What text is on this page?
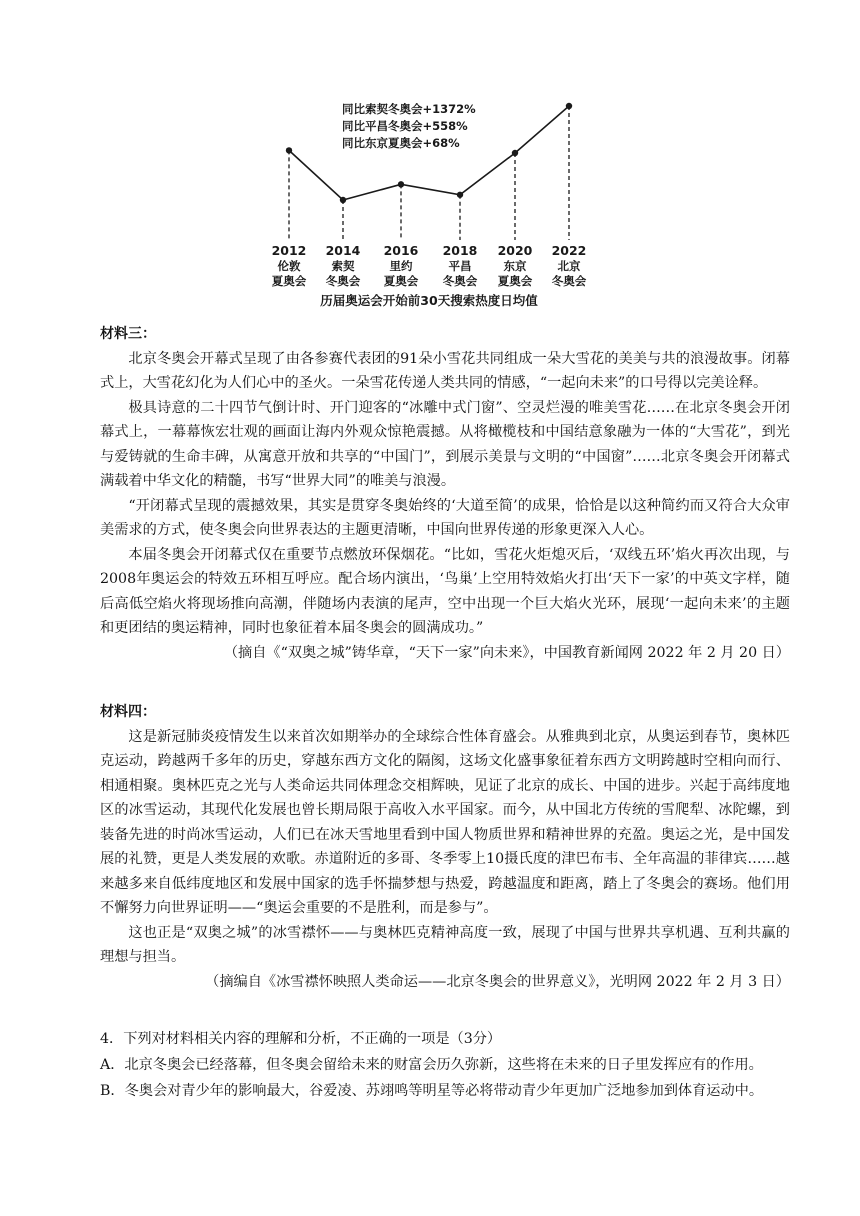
同比索契冬奥会+1372%
同比平昌冬奥会+558%
同比东京夏奥会+68%
2012
伦敦
夏奥会
2014
索契
冬奥会
2016
里约
夏奥会
2018
平昌
冬奥会
2020
东京
夏奥会
2022
北京
冬奥会
历届奥运会开始前30天搜索热度日均值

材料三：

北京冬奥会开幕式呈现了由各参赛代表团的91朵小雪花共同组成一朵大雪花的美美与共的浪漫故事。闭幕式上，大雪花幻化为人们心中的圣火。一朵雪花传递人类共同的情感，“一起向未来”的口号得以完美诠释。

极具诗意的二十四节气倒计时、开门迎客的“冰雕中式门窗”、空灵烂漫的唯美雪花……在北京冬奥会开闭幕式上，一幕幕恢宏壮观的画面让海内外观众惊艳震撼。从将橄榄枝和中国结意象融为一体的“大雪花”，到光与爱铸就的生命丰碑，从寓意开放和共享的“中国门”，到展示美景与文明的“中国窗”……北京冬奥会开闭幕式满载着中华文化的精髓，书写“世界大同”的唯美与浪漫。

“开闭幕式呈现的震撼效果，其实是贯穿冬奥始终的‘大道至简’的成果，恰恰是以这种简约而又符合大众审美需求的方式，使冬奥会向世界表达的主题更清晰，中国向世界传递的形象更深入人心。

本届冬奥会开闭幕式仅在重要节点燃放环保烟花。“比如，雪花火炬熄灭后，‘双线五环’焰火再次出现，与2008年奥运会的特效五环相互呼应。配合场内演出，‘鸟巢’上空用特效焰火打出‘天下一家’的中英文字样，随后高低空焰火将现场推向高潮，伴随场内表演的尾声，空中出现一个巨大焰火光环，展现‘一起向未来’的主题和更团结的奥运精神，同时也象征着本届冬奥会的圆满成功。”

（摘自《“双奥之城”铸华章，“天下一家”向未来》，中国教育新闻网 2022 年 2 月 20 日）

材料四：

这是新冠肺炎疫情发生以来首次如期举办的全球综合性体育盛会。从雅典到北京，从奥运到春节，奥林匹克运动，跨越两千多年的历史，穿越东西方文化的隔阂，这场文化盛事象征着东西方文明跨越时空相向而行、相通相聚。奥林匹克之光与人类命运共同体理念交相辉映，见证了北京的成长、中国的进步。兴起于高纬度地区的冰雪运动，其现代化发展也曾长期局限于高收入水平国家。而今，从中国北方传统的雪爬犁、冰陀螺，到装备先进的时尚冰雪运动，人们已在冰天雪地里看到中国人物质世界和精神世界的充盈。奥运之光，是中国发展的礼赞，更是人类发展的欢歌。赤道附近的多哥、冬季零上10摄氏度的津巴布韦、全年高温的菲律宾……越来越多来自低纬度地区和发展中国家的选手怀揣梦想与热爱，跨越温度和距离，踏上了冬奥会的赛场。他们用不懈努力向世界证明——“奥运会重要的不是胜利，而是参与”。

这也正是“双奥之城”的冰雪襟怀——与奥林匹克精神高度一致，展现了中国与世界共享机遇、互利共赢的理想与担当。

（摘编自《冰雪襟怀映照人类命运——北京冬奥会的世界意义》，光明网 2022 年 2 月 3 日）

4．下列对材料相关内容的理解和分析，不正确的一项是（3分）

A．北京冬奥会已经落幕，但冬奥会留给未来的财富会历久弥新，这些将在未来的日子里发挥应有的作用。

B．冬奥会对青少年的影响最大，谷爱凌、苏翊鸣等明星等必将带动青少年更加广泛地参加到体育运动中。
